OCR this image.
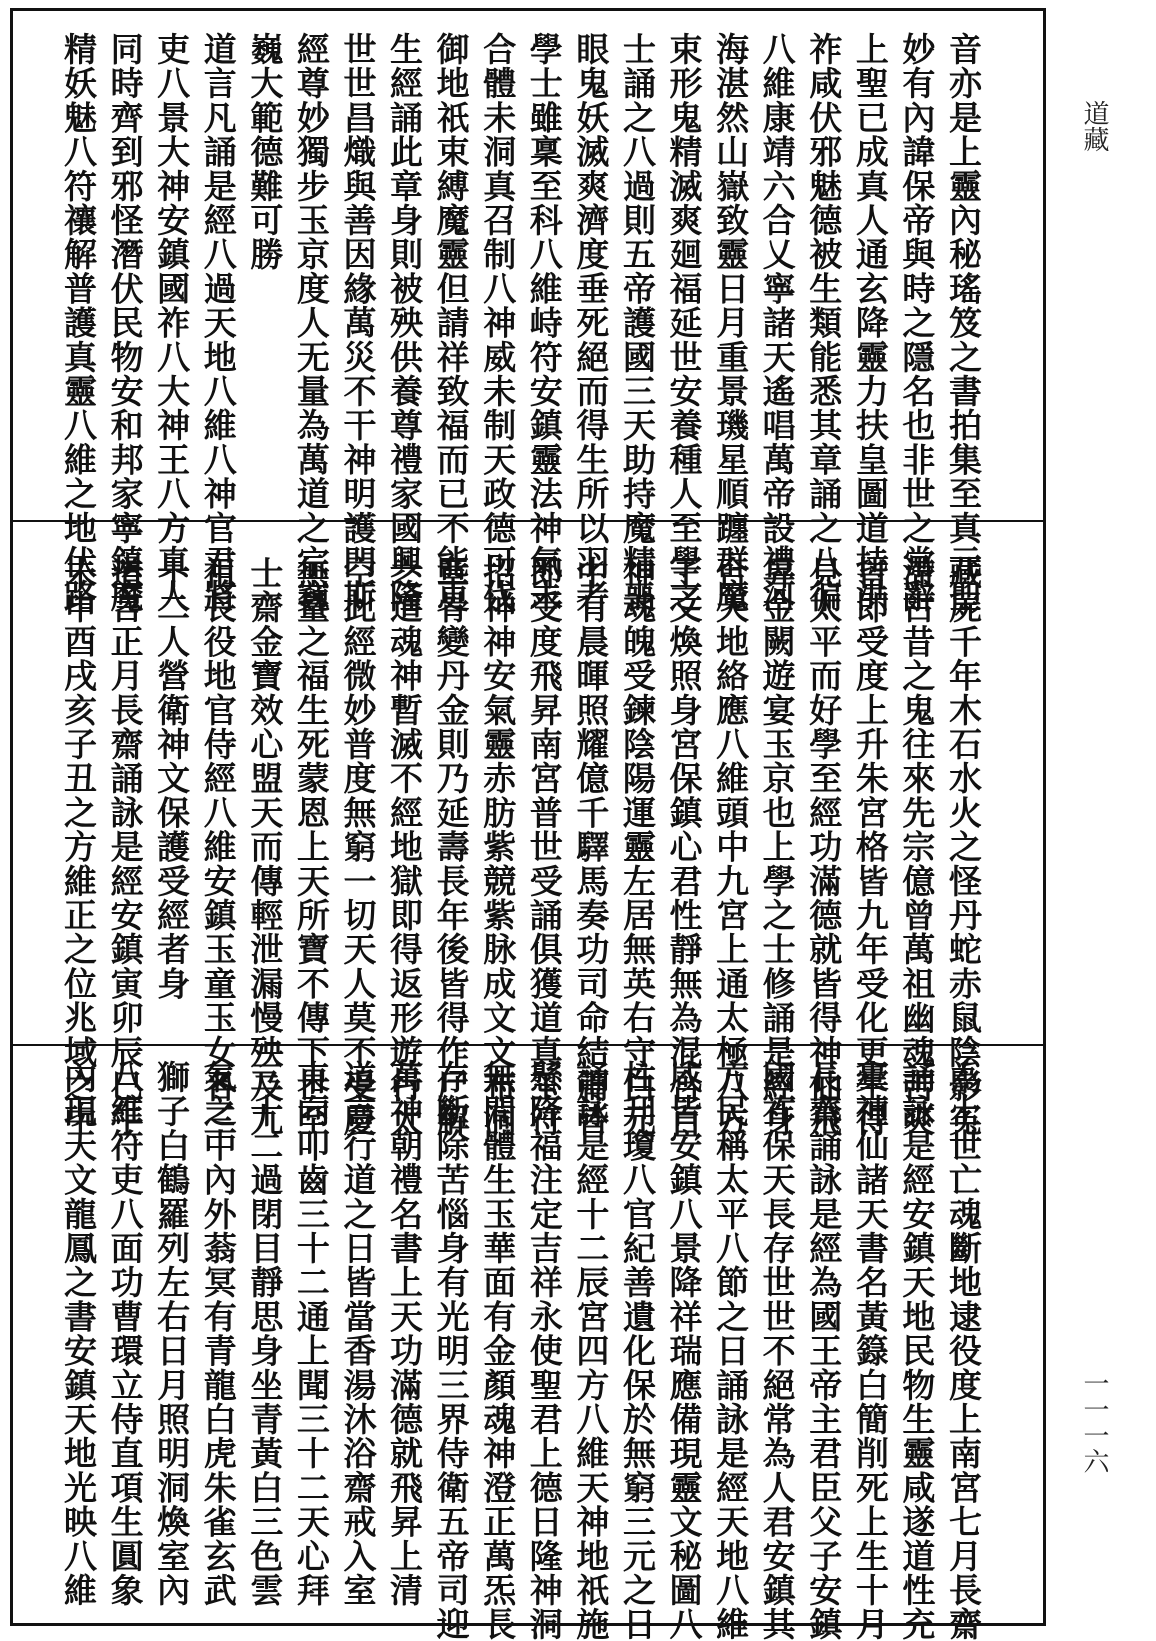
道藏
一一一六
音亦是上靈內秘瑤笈之書拍集至真元聖
妙有內諱保帝與時之隱名也非世之常辭
上聖已成真人通玄降靈力扶皇圖道持洪
祚咸伏邪魅德被生類能悉其章誦之八徧
八維康靖六合乂寧諸天遙唱萬帝設禮河
海湛然山嶽致靈日月重景璣星順躔群魔
束形鬼精滅爽廻福延世安養種人至學之
士誦之八過則五帝護國三天助持魔精喪
眼鬼妖滅爽濟度垂死絕而得生所以羽者
學士雖稟至科八維峙符安鎮靈法神氣未
合體未洞真召制八神威未制天政德可伐
御地祇束縛魔靈但請祥致福而已不能更
生經誦此章身則被殃供養尊禮家國興隆
世世昌熾與善因緣萬災不干神明護門斯
經尊妙獨步玉京度人无量為萬道之宗巍
巍大範德難可勝
道言凡誦是經八過天地八維八神官君將
吏八景大神安鎮國祚八大神王八方真人
同時齊到邪怪潛伏民物安和邦家寧鎮魔
精妖魅八符禳解普護真靈八維之地伏路
藏屍千年木石水火之怪丹蛇赤鼠陰影冤
滯古昔之鬼往來先宗億曾萬祖幽魂苦爽
皆即受度上升朱宮格皆九年受化更生得
見太平而好學至經功滿德就皆得神仙飛
昇金闕遊宴玉京也上學之士修誦是經身
合天地絡應八維頭中九宮上通太極八方
王文煥照身宮保鎮心君性靜無為混合百
神魂魄受鍊陰陽運靈左居無英右守白元
中有晨暉照耀億千驛馬奏功司命結篇皆
即受度飛昇南宮普世受誦俱獲道真玉符
招神神安氣靈赤肪紫競紫脉成文文布洞
章骨變丹金則乃延壽長年後皆得作尸解
之道魂神暫滅不經地獄即得返形遊行太
空此經微妙普度無窮一切天人莫不受慶
無量之福生死蒙恩上天所寶不傳下世至
士齋金寶效心盟天而傳輕泄漏慢殃及九
祖長役地官侍經八維安鎮玉童玉女各三
十二人營衛神文保護受經者身
道言正月長齋誦詠是經安鎮寅卯辰巳午
未申酉戌亥子丑之方維正之位兆域之中
為上世亡魂斷地逮役度上南宮七月長齋
誦詠是經安鎮天地民物生靈咸遂道性充
橐神仙諸天書名黃籙白簡削死上生十月
長齋誦詠是經為國王帝主君臣父子安鎮
國祚保天長存世世不絕常為人君安鎮其
方民稱太平八節之日誦詠是經天地八維
咸皆安鎮八景降祥瑞應備現靈文秘圖八
柱刋瓊八官紀善遺化保於無窮三元之日
誦詠是經十二辰宮四方八維天神地祇施
懸降福注定吉祥永使聖君上德日隆神洞
無間體生玉華面有金顏魂神澄正萬炁長
存斷除苦惱身有光明三界侍衛五帝司迎
萬神朝禮名書上天功滿德就飛昇上清
道言行道之日皆當香湯沐浴齋戒入室
東向叩齒三十二通上聞三十二天心拜
三十二過閉目靜思身坐青黃白三色雲
氣之中內外蓊冥有青龍白虎朱雀玄武
獅子白鶴羅列左右日月照明洞煥室內
八維符吏八面功曹環立侍直項生圓象
內現天文龍鳳之書安鎮天地光映八維
